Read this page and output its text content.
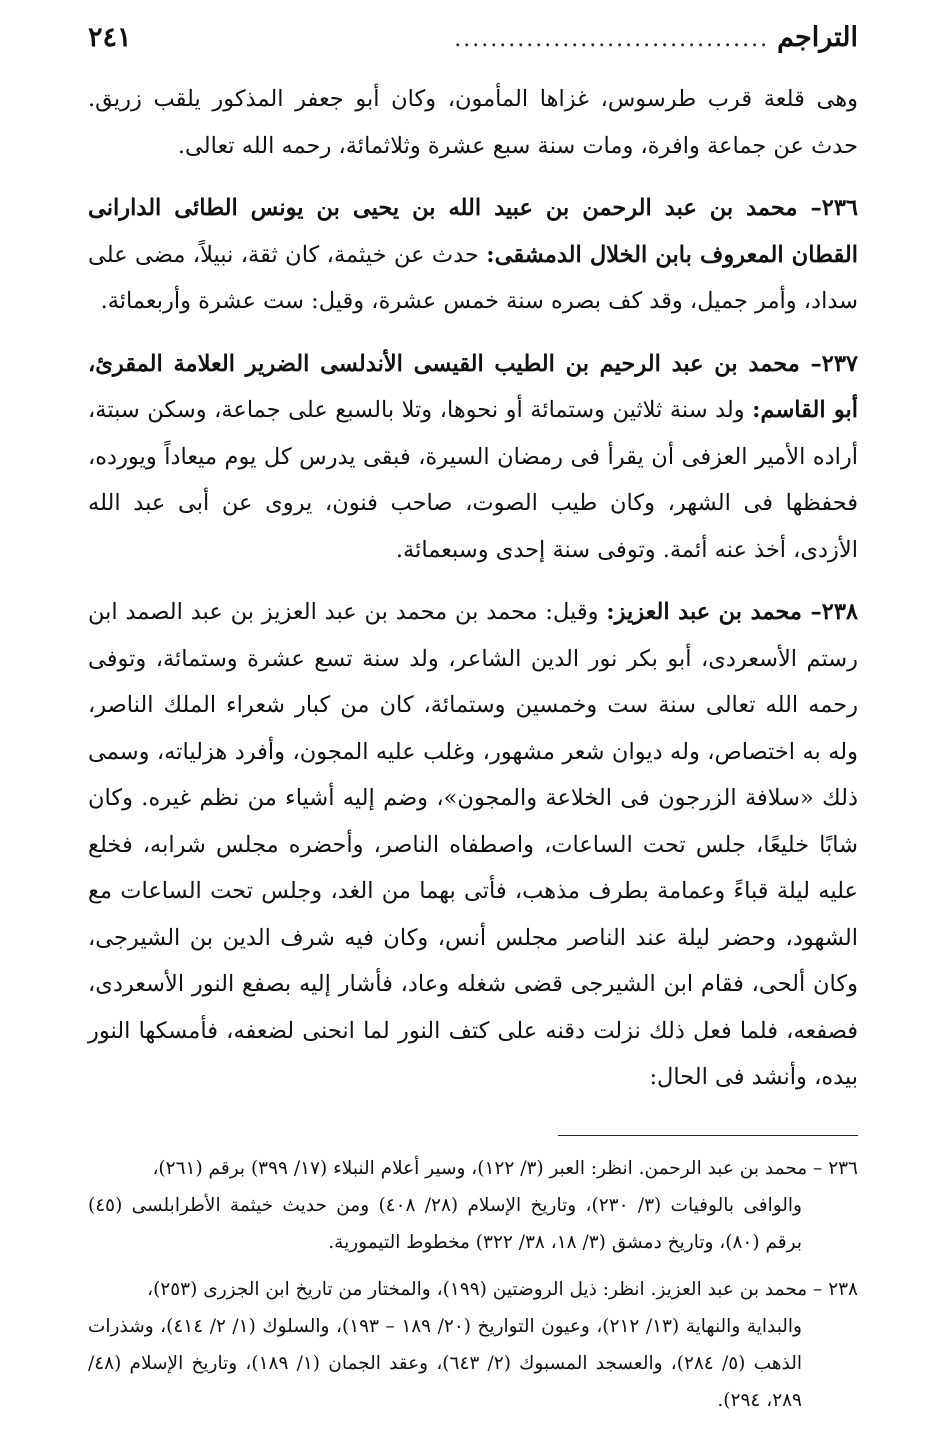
التراجم
...................................
٢٤١

وهى قلعة قرب طرسوس، غزاها المأمون، وكان أبو جعفر المذكور يلقب زريق. حدث عن جماعة وافرة، ومات سنة سبع عشرة وثلاثمائة، رحمه الله تعالى.

٢٣٦– محمد بن عبد الرحمن بن عبيد الله بن يحيى بن يونس الطائى الدارانى القطان المعروف بابن الخلال الدمشقى: حدث عن خيثمة، كان ثقة، نبيلاً، مضى على سداد، وأمر جميل، وقد كف بصره سنة خمس عشرة، وقيل: ست عشرة وأربعمائة.

٢٣٧– محمد بن عبد الرحيم بن الطيب القيسى الأندلسى الضرير العلامة المقرئ، أبو القاسم: ولد سنة ثلاثين وستمائة أو نحوها، وتلا بالسبع على جماعة، وسكن سبتة، أراده الأمير العزفى أن يقرأ فى رمضان السيرة، فبقى يدرس كل يوم ميعاداً ويورده، فحفظها فى الشهر، وكان طيب الصوت، صاحب فنون، يروى عن أبى عبد الله الأزدى، أخذ عنه أئمة. وتوفى سنة إحدى وسبعمائة.

٢٣٨– محمد بن عبد العزيز: وقيل: محمد بن محمد بن عبد العزيز بن عبد الصمد ابن رستم الأسعردى، أبو بكر نور الدين الشاعر، ولد سنة تسع عشرة وستمائة، وتوفى رحمه الله تعالى سنة ست وخمسين وستمائة، كان من كبار شعراء الملك الناصر، وله به اختصاص، وله ديوان شعر مشهور، وغلب عليه المجون، وأفرد هزلياته، وسمى ذلك «سلافة الزرجون فى الخلاعة والمجون»، وضم إليه أشياء من نظم غيره. وكان شابًا خليعًا، جلس تحت الساعات، واصطفاه الناصر، وأحضره مجلس شرابه، فخلع عليه ليلة قباءً وعمامة بطرف مذهب، فأتى بهما من الغد، وجلس تحت الساعات مع الشهود، وحضر ليلة عند الناصر مجلس أنس، وكان فيه شرف الدين بن الشيرجى، وكان ألحى، فقام ابن الشيرجى قضى شغله وعاد، فأشار إليه بصفع النور الأسعردى، فصفعه، فلما فعل ذلك نزلت دقنه على كتف النور لما انحنى لضعفه، فأمسكها النور بيده، وأنشد فى الحال:

٢٣٦ – محمد بن عبد الرحمن. انظر: العبر (٣/ ١٢٢)، وسير أعلام النبلاء (١٧/ ٣٩٩) برقم (٢٦١)،
والوافى بالوفيات (٣/ ٢٣٠)، وتاريخ الإسلام (٢٨/ ٤٠٨) ومن حديث خيثمة الأطرابلسى (٤٥) برقم (٨٠)، وتاريخ دمشق (٣/ ١٨، ٣٨/ ٣٢٢) مخطوط التيمورية.
٢٣٨ – محمد بن عبد العزيز. انظر: ذيل الروضتين (١٩٩)، والمختار من تاريخ ابن الجزرى (٢٥٣)،
والبداية والنهاية (١٣/ ٢١٢)، وعيون التواريخ (٢٠/ ١٨٩ – ١٩٣)، والسلوك (١/ ٢/ ٤١٤)، وشذرات الذهب (٥/ ٢٨٤)، والعسجد المسبوك (٢/ ٦٤٣)، وعقد الجمان (١/ ١٨٩)، وتاريخ الإسلام (٤٨/ ٢٨٩، ٢٩٤).
